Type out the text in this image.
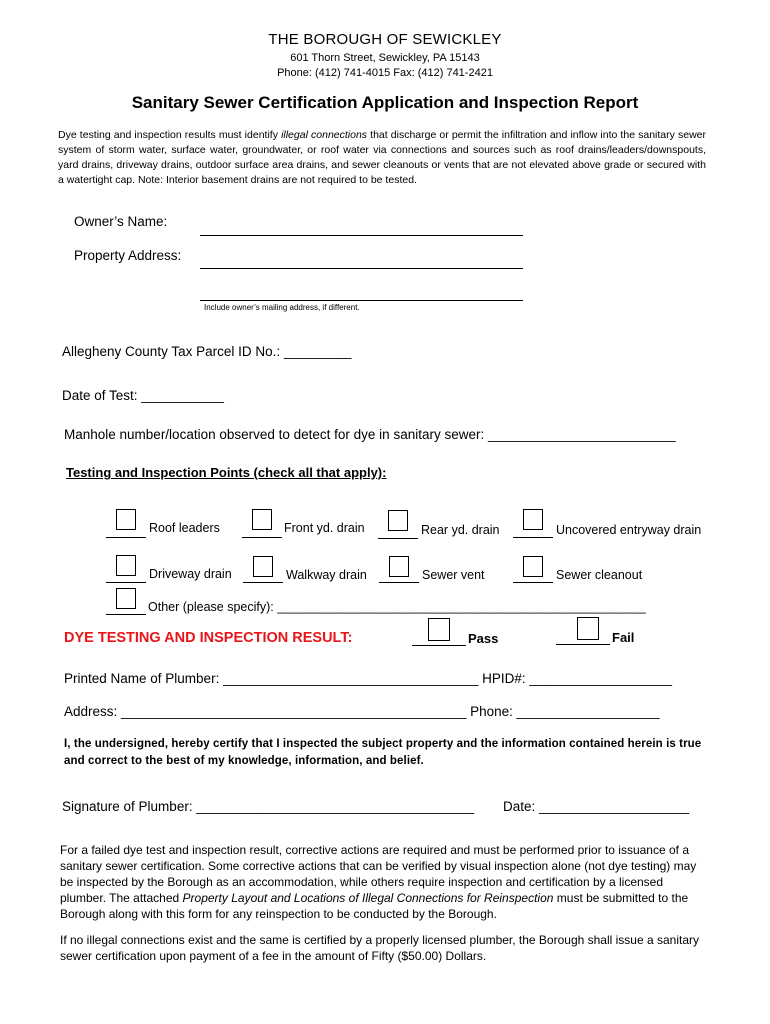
THE BOROUGH OF SEWICKLEY
601 Thorn Street, Sewickley, PA 15143
Phone: (412) 741-4015 Fax: (412) 741-2421
Sanitary Sewer Certification Application and Inspection Report
Dye testing and inspection results must identify illegal connections that discharge or permit the infiltration and inflow into the sanitary sewer system of storm water, surface water, groundwater, or roof water via connections and sources such as roof drains/leaders/downspouts, yard drains, driveway drains, outdoor surface area drains, and sewer cleanouts or vents that are not elevated above grade or secured with a watertight cap. Note: Interior basement drains are not required to be tested.
Owner’s Name:
Property Address:
Include owner’s mailing address, if different.
Allegheny County Tax Parcel ID No.: _________
Date of Test: ___________
Manhole number/location observed to detect for dye in sanitary sewer: _________________________
Testing and Inspection Points (check all that apply):
Roof leaders	Front yd. drain	Rear yd. drain	Uncovered entryway drain
Driveway drain	Walkway drain	Sewer vent	Sewer cleanout
Other (please specify): _____________________________________________________
DYE TESTING AND INSPECTION RESULT:	Pass	Fail
Printed Name of Plumber: __________________________________ HPID#: ___________________
Address: ______________________________________________ Phone: ___________________
I, the undersigned, hereby certify that I inspected the subject property and the information contained herein is true and correct to the best of my knowledge, information, and belief.
Signature of Plumber: _____________________________________ Date: ____________________
For a failed dye test and inspection result, corrective actions are required and must be performed prior to issuance of a sanitary sewer certification. Some corrective actions that can be verified by visual inspection alone (not dye testing) may be inspected by the Borough as an accommodation, while others require inspection and certification by a licensed plumber. The attached Property Layout and Locations of Illegal Connections for Reinspection must be submitted to the Borough along with this form for any reinspection to be conducted by the Borough.
If no illegal connections exist and the same is certified by a properly licensed plumber, the Borough shall issue a sanitary sewer certification upon payment of a fee in the amount of Fifty ($50.00) Dollars.
